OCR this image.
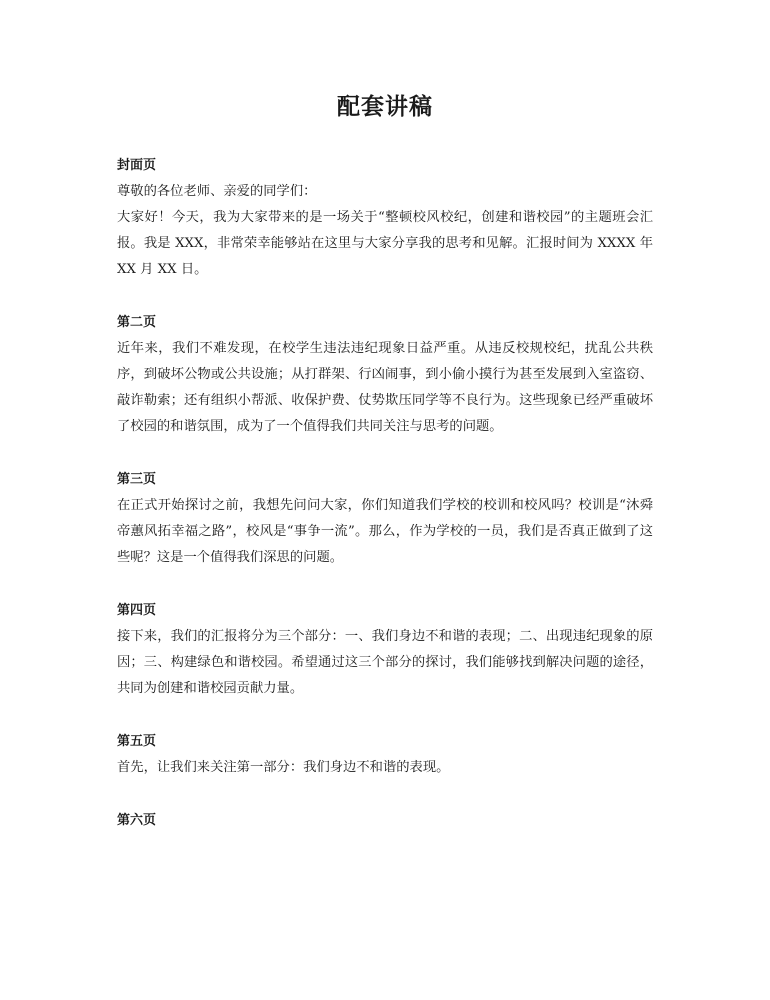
配套讲稿

封面页

尊敬的各位老师、亲爱的同学们：

大家好！今天，我为大家带来的是一场关于“整顿校风校纪，创建和谐校园”的主题班会汇报。我是 XXX，非常荣幸能够站在这里与大家分享我的思考和见解。汇报时间为 XXXX 年 XX 月 XX 日。

第二页

近年来，我们不难发现，在校学生违法违纪现象日益严重。从违反校规校纪，扰乱公共秩序，到破坏公物或公共设施；从打群架、行凶闹事，到小偷小摸行为甚至发展到入室盗窃、敲诈勒索；还有组织小帮派、收保护费、仗势欺压同学等不良行为。这些现象已经严重破坏了校园的和谐氛围，成为了一个值得我们共同关注与思考的问题。

第三页

在正式开始探讨之前，我想先问问大家，你们知道我们学校的校训和校风吗？校训是“沐舜帝蕙风拓幸福之路”，校风是“事争一流”。那么，作为学校的一员，我们是否真正做到了这些呢？这是一个值得我们深思的问题。

第四页

接下来，我们的汇报将分为三个部分：一、我们身边不和谐的表现；二、出现违纪现象的原因；三、构建绿色和谐校园。希望通过这三个部分的探讨，我们能够找到解决问题的途径，共同为创建和谐校园贡献力量。

第五页

首先，让我们来关注第一部分：我们身边不和谐的表现。

第六页
